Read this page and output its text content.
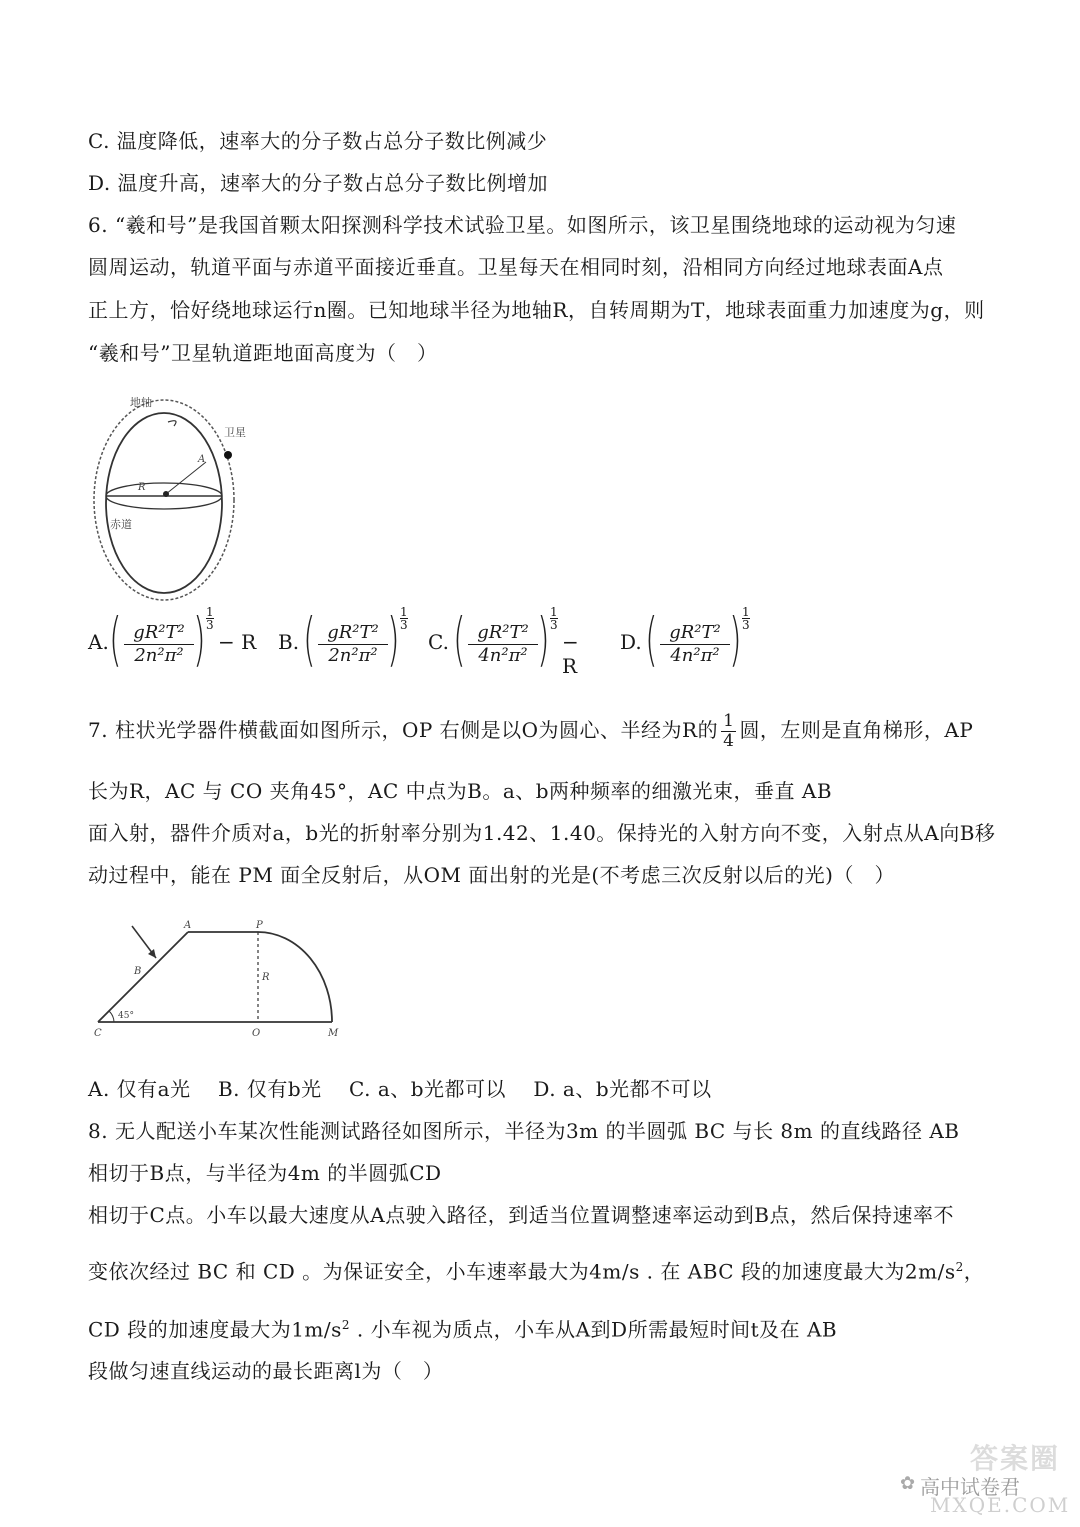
C. 温度降低，速率大的分子数占总分子数比例减少
D. 温度升高，速率大的分子数占总分子数比例增加
6. “羲和号”是我国首颗太阳探测科学技术试验卫星。如图所示，该卫星围绕地球的运动视为匀速
圆周运动，轨道平面与赤道平面接近垂直。卫星每天在相同时刻，沿相同方向经过地球表面A点
正上方，恰好绕地球运行n圈。已知地球半径为地轴R，自转周期为T，地球表面重力加速度为g，则
“羲和号”卫星轨道距地面高度为（　）
地轴
卫星
A
R
赤道
A. ( $\frac{\text{gR²T²}}{\text{2n²π²}}$ ) 1
3
− R B. ( $\frac{\text{gR²T²}}{\text{2n²π²}}$ ) 1
3
C. ( $\frac{\text{gR²T²}}{\text{4n²π²}}$ ) 1
3
− R
D. ( $\frac{\text{gR²T²}}{\text{4n²π²}}$ ) 1
3
7. 柱状光学器件横截面如图所示，OP 右侧是以O为圆心、半经为R的 $\frac{1}{4}$ 圆，左则是直角梯形，AP
长为R，AC 与 CO 夹角45°，AC 中点为B。a、b两种频率的细激光束，垂直 AB
面入射，器件介质对a，b光的折射率分别为1.42、1.40。保持光的入射方向不变，入射点从A向B移
动过程中，能在 PM 面全反射后，从OM 面出射的光是(不考虑三次反射以后的光)（　）
A	P
B
R
C	O	M
45°
A. 仅有a光　 B. 仅有b光　 C. a、b光都可以　 D. a、b光都不可以
8. 无人配送小车某次性能测试路径如图所示，半径为3m 的半圆弧 BC 与长 8m 的直线路径 AB
相切于B点，与半径为4m 的半圆弧CD
相切于C点。小车以最大速度从A点驶入路径，到适当位置调整速率运动到B点，然后保持速率不
变依次经过 BC 和 CD 。为保证安全，小车速率最大为4m/s . 在 ABC 段的加速度最大为$2m/s^2$，
CD 段的加速度最大为$1m/s^2$ . 小车视为质点，小车从A到D所需最短时间t及在 AB
段做匀速直线运动的最长距离l为（　）
答案圈
高中试卷君
MXQE.COM
✿
